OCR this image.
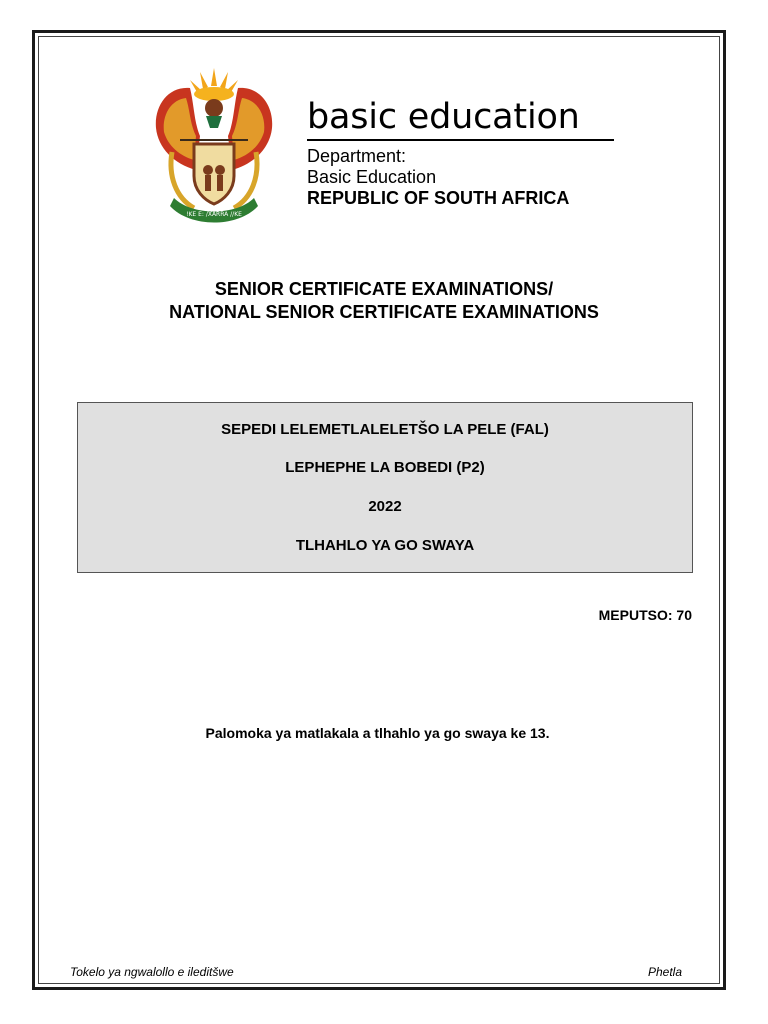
!KE E: /XARRA //KE
basic education
Department:
Basic Education
REPUBLIC OF SOUTH AFRICA
SENIOR CERTIFICATE EXAMINATIONS/
NATIONAL SENIOR CERTIFICATE EXAMINATIONS
SEPEDI LELEMETLALELETŠO LA PELE (FAL)
LEPHEPHE LA BOBEDI (P2)
2022
TLHAHLO YA GO SWAYA
MEPUTSO: 70
Palomoka ya matlakala a tlhahlo ya go swaya ke 13.
Tokelo ya ngwalollo e ileditšwe	Phetla
